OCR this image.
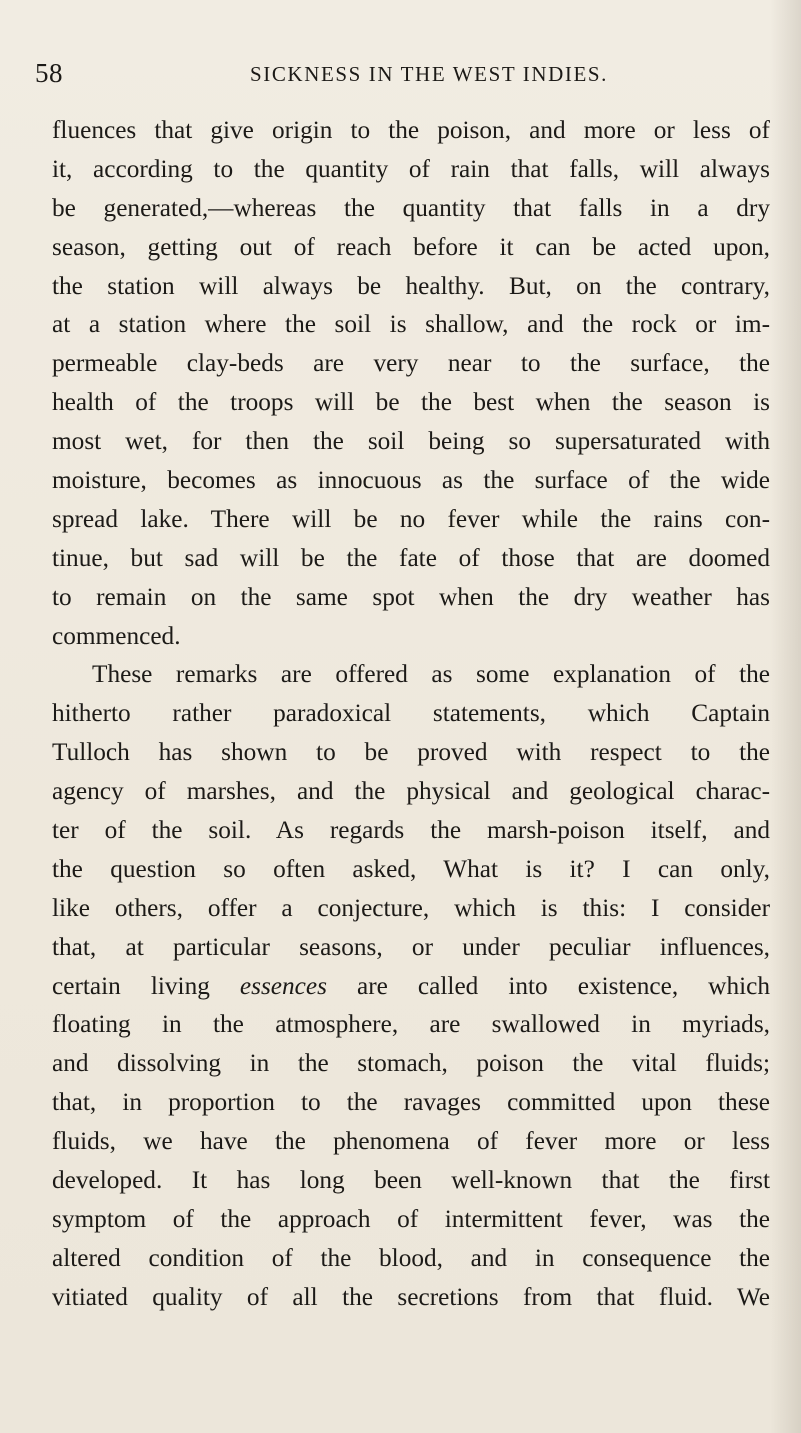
58	SICKNESS IN THE WEST INDIES.
fluences that give origin to the poison, and more or less of
it, according to the quantity of rain that falls, will always
be generated,—whereas the quantity that falls in a dry
season, getting out of reach before it can be acted upon,
the station will always be healthy. But, on the contrary,
at a station where the soil is shallow, and the rock or im-
permeable clay-beds are very near to the surface, the
health of the troops will be the best when the season is
most wet, for then the soil being so supersaturated with
moisture, becomes as innocuous as the surface of the wide
spread lake. There will be no fever while the rains con-
tinue, but sad will be the fate of those that are doomed
to remain on the same spot when the dry weather has
commenced.
These remarks are offered as some explanation of the
hitherto rather paradoxical statements, which Captain
Tulloch has shown to be proved with respect to the
agency of marshes, and the physical and geological charac-
ter of the soil. As regards the marsh-poison itself, and
the question so often asked, What is it? I can only,
like others, offer a conjecture, which is this: I consider
that, at particular seasons, or under peculiar influences,
certain living essences are called into existence, which
floating in the atmosphere, are swallowed in myriads,
and dissolving in the stomach, poison the vital fluids;
that, in proportion to the ravages committed upon these
fluids, we have the phenomena of fever more or less
developed. It has long been well-known that the first
symptom of the approach of intermittent fever, was the
altered condition of the blood, and in consequence the
vitiated quality of all the secretions from that fluid. We
